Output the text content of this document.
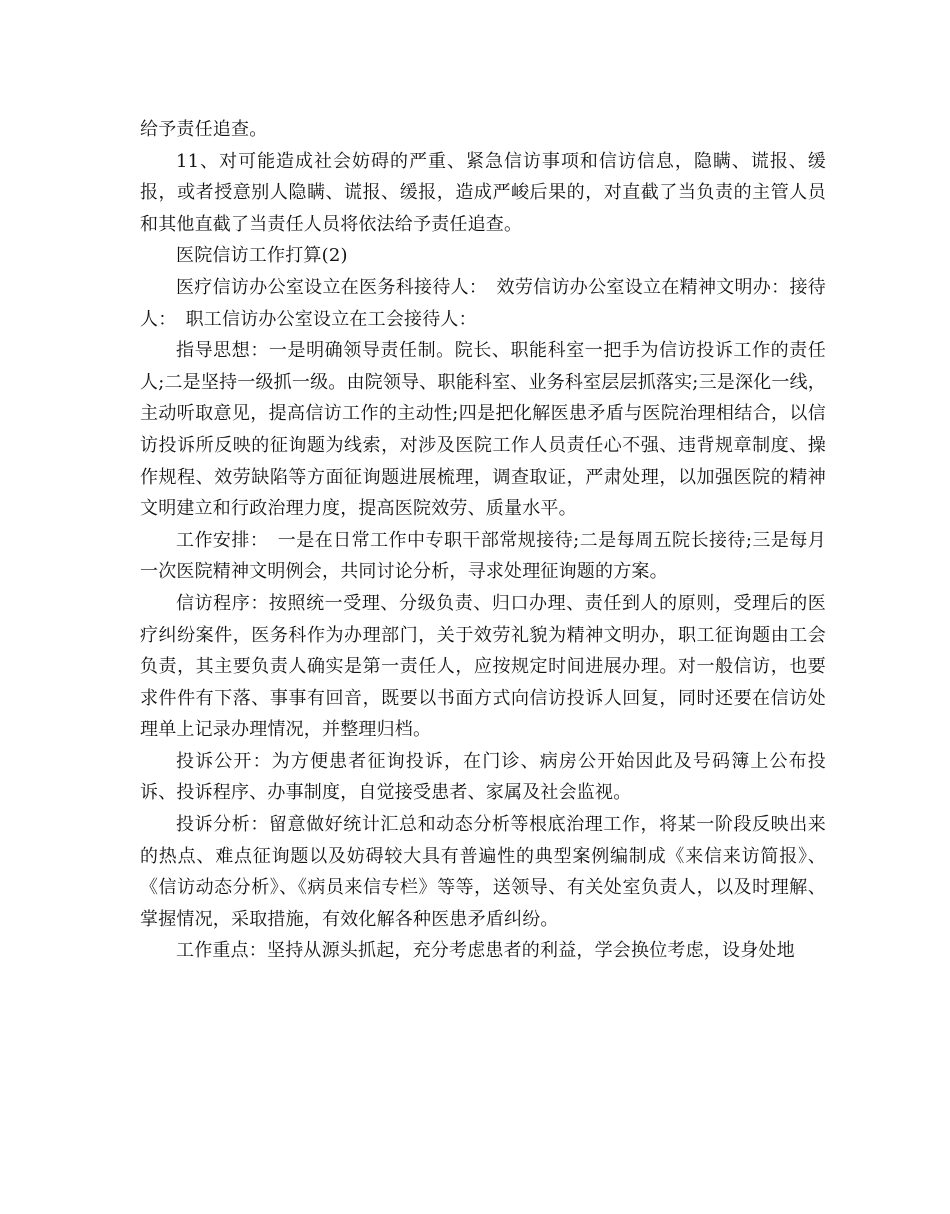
给予责任追查。

11、对可能造成社会妨碍的严重、紧急信访事项和信访信息，隐瞒、谎报、缓报，或者授意别人隐瞒、谎报、缓报，造成严峻后果的，对直截了当负责的主管人员和其他直截了当责任人员将依法给予责任追查。

医院信访工作打算(2)

医疗信访办公室设立在医务科接待人：　效劳信访办公室设立在精神文明办：接待人：　职工信访办公室设立在工会接待人：

指导思想：一是明确领导责任制。院长、职能科室一把手为信访投诉工作的责任人;二是坚持一级抓一级。由院领导、职能科室、业务科室层层抓落实;三是深化一线，主动听取意见，提高信访工作的主动性;四是把化解医患矛盾与医院治理相结合，以信访投诉所反映的征询题为线索，对涉及医院工作人员责任心不强、违背规章制度、操作规程、效劳缺陷等方面征询题进展梳理，调查取证，严肃处理，以加强医院的精神文明建立和行政治理力度，提高医院效劳、质量水平。

工作安排：　一是在日常工作中专职干部常规接待;二是每周五院长接待;三是每月一次医院精神文明例会，共同讨论分析，寻求处理征询题的方案。

信访程序：按照统一受理、分级负责、归口办理、责任到人的原则，受理后的医疗纠纷案件，医务科作为办理部门，关于效劳礼貌为精神文明办，职工征询题由工会负责，其主要负责人确实是第一责任人，应按规定时间进展办理。对一般信访，也要求件件有下落、事事有回音，既要以书面方式向信访投诉人回复，同时还要在信访处理单上记录办理情况，并整理归档。

投诉公开：为方便患者征询投诉，在门诊、病房公开始因此及号码簿上公布投诉、投诉程序、办事制度，自觉接受患者、家属及社会监视。

投诉分析：留意做好统计汇总和动态分析等根底治理工作，将某一阶段反映出来的热点、难点征询题以及妨碍较大具有普遍性的典型案例编制成《来信来访简报》、《信访动态分析》、《病员来信专栏》等等，送领导、有关处室负责人，以及时理解、掌握情况，采取措施，有效化解各种医患矛盾纠纷。

工作重点：坚持从源头抓起，充分考虑患者的利益，学会换位考虑，设身处地
